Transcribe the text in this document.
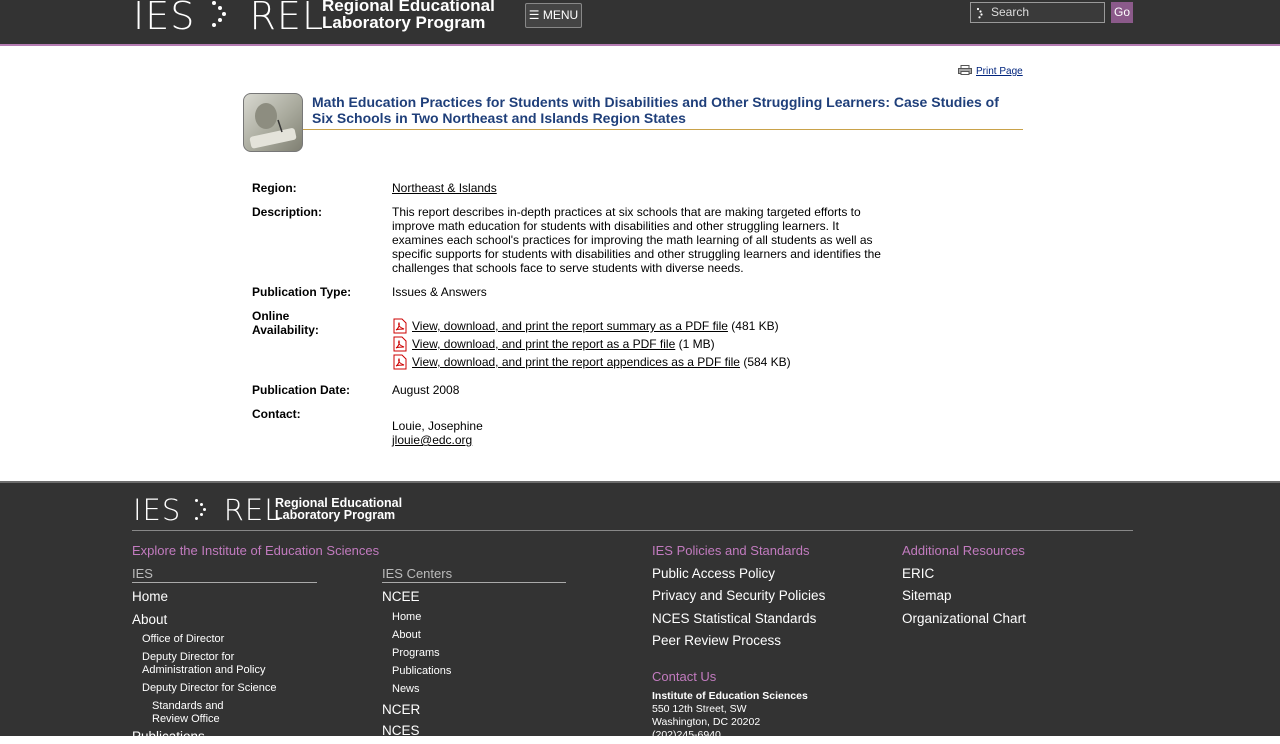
IES REL
Regional Educational
Laboratory Program	☰ MENU
Search	Go
Print Page
Math Education Practices for Students with Disabilities and Other Struggling Learners: Case Studies of Six Schools in Two Northeast and Islands Region States
Region:	Northeast & Islands
Description:	This report describes in-depth practices at six schools that are making targeted efforts to improve math education for students with disabilities and other struggling learners. It examines each school's practices for improving the math learning of all students as well as specific supports for students with disabilities and other struggling learners and identifies the challenges that schools face to serve students with diverse needs.
Publication Type:	Issues & Answers
Online
Availability:	View, download, and print the report summary as a PDF file (481 KB)
View, download, and print the report as a PDF file (1 MB)
View, download, and print the report appendices as a PDF file (584 KB)
Publication Date:	August 2008
Contact:
Louie, Josephine
jlouie@edc.org
IES REL
Regional Educational
Laboratory Program
Explore the Institute of Education Sciences
IES
Home
About
Office of Director
Deputy Director for
Administration and Policy
Deputy Director for Science
Standards and
Review Office
Publications
IES Centers
NCEE
Home
About
Programs
Publications
News
NCER
NCES
IES Policies and Standards
Public Access Policy
Privacy and Security Policies
NCES Statistical Standards
Peer Review Process
Contact Us
Institute of Education Sciences
550 12th Street, SW
Washington, DC 20202
(202)245-6940
Additional Resources
ERIC
Sitemap
Organizational Chart
